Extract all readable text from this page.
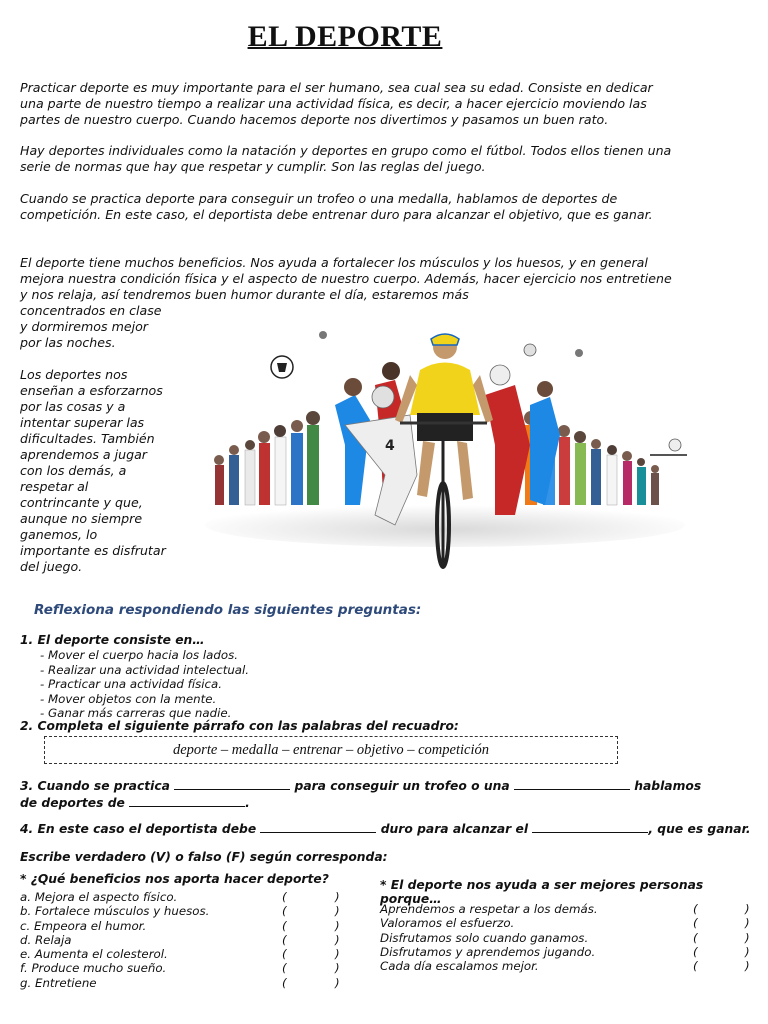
EL DEPORTE

Practicar deporte es muy importante para el ser humano, sea cual sea su edad. Consiste en dedicar una parte de nuestro tiempo a realizar una actividad física, es decir, a hacer ejercicio moviendo las partes de nuestro cuerpo. Cuando hacemos deporte nos divertimos y pasamos un buen rato.

Hay deportes individuales como la natación y deportes en grupo como el fútbol. Todos ellos tienen una serie de normas que hay que respetar y cumplir. Son las reglas del juego.

Cuando se practica deporte para conseguir un trofeo o una medalla, hablamos de deportes de competición. En este caso, el deportista debe entrenar duro para alcanzar el objetivo, que es ganar.

El deporte tiene muchos beneficios. Nos ayuda a fortalecer los músculos y los huesos, y en general mejora nuestra condición física y el aspecto de nuestro cuerpo. Además, hacer ejercicio nos entretiene y nos relaja, así tendremos buen humor durante el día, estaremos más

concentrados en clase y dormiremos mejor por las noches.

Los deportes nos enseñan a esforzarnos por las cosas y a intentar superar las dificultades. También aprendemos a jugar con los demás, a respetar al contrincante y que, aunque no siempre ganemos, lo importante es disfrutar del juego.

4

Reflexiona respondiendo las siguientes preguntas:

1. El deporte consiste en…

- Mover el cuerpo hacia los lados.
- Realizar una actividad intelectual.
- Practicar una actividad física.
- Mover objetos con la mente.
- Ganar más carreras que nadie.

2. Completa el siguiente párrafo con las palabras del recuadro:

deporte – medalla – entrenar – objetivo – competición

3. Cuando se practica	para conseguir un trofeo o una	hablamos
de deportes de	.

4. En este caso el deportista debe	duro para alcanzar el	, que es ganar.

Escribe verdadero (V) o falso (F) según corresponda:

* ¿Qué beneficios nos aporta hacer deporte?	* El deporte nos ayuda a ser mejores personas porque…

a. Mejora el aspecto físico.	(	)
b. Fortalece músculos y huesos.	(	)
c. Empeora el humor.	(	)
d. Relaja	(	)
e. Aumenta el colesterol.	(	)
f. Produce mucho sueño.	(	)
g. Entretiene	(	)
Aprendemos a respetar a los demás.	(	)
Valoramos el esfuerzo.	(	)
Disfrutamos solo cuando ganamos.	(	)
Disfrutamos y aprendemos jugando.	(	)
Cada día escalamos mejor.	(	)
